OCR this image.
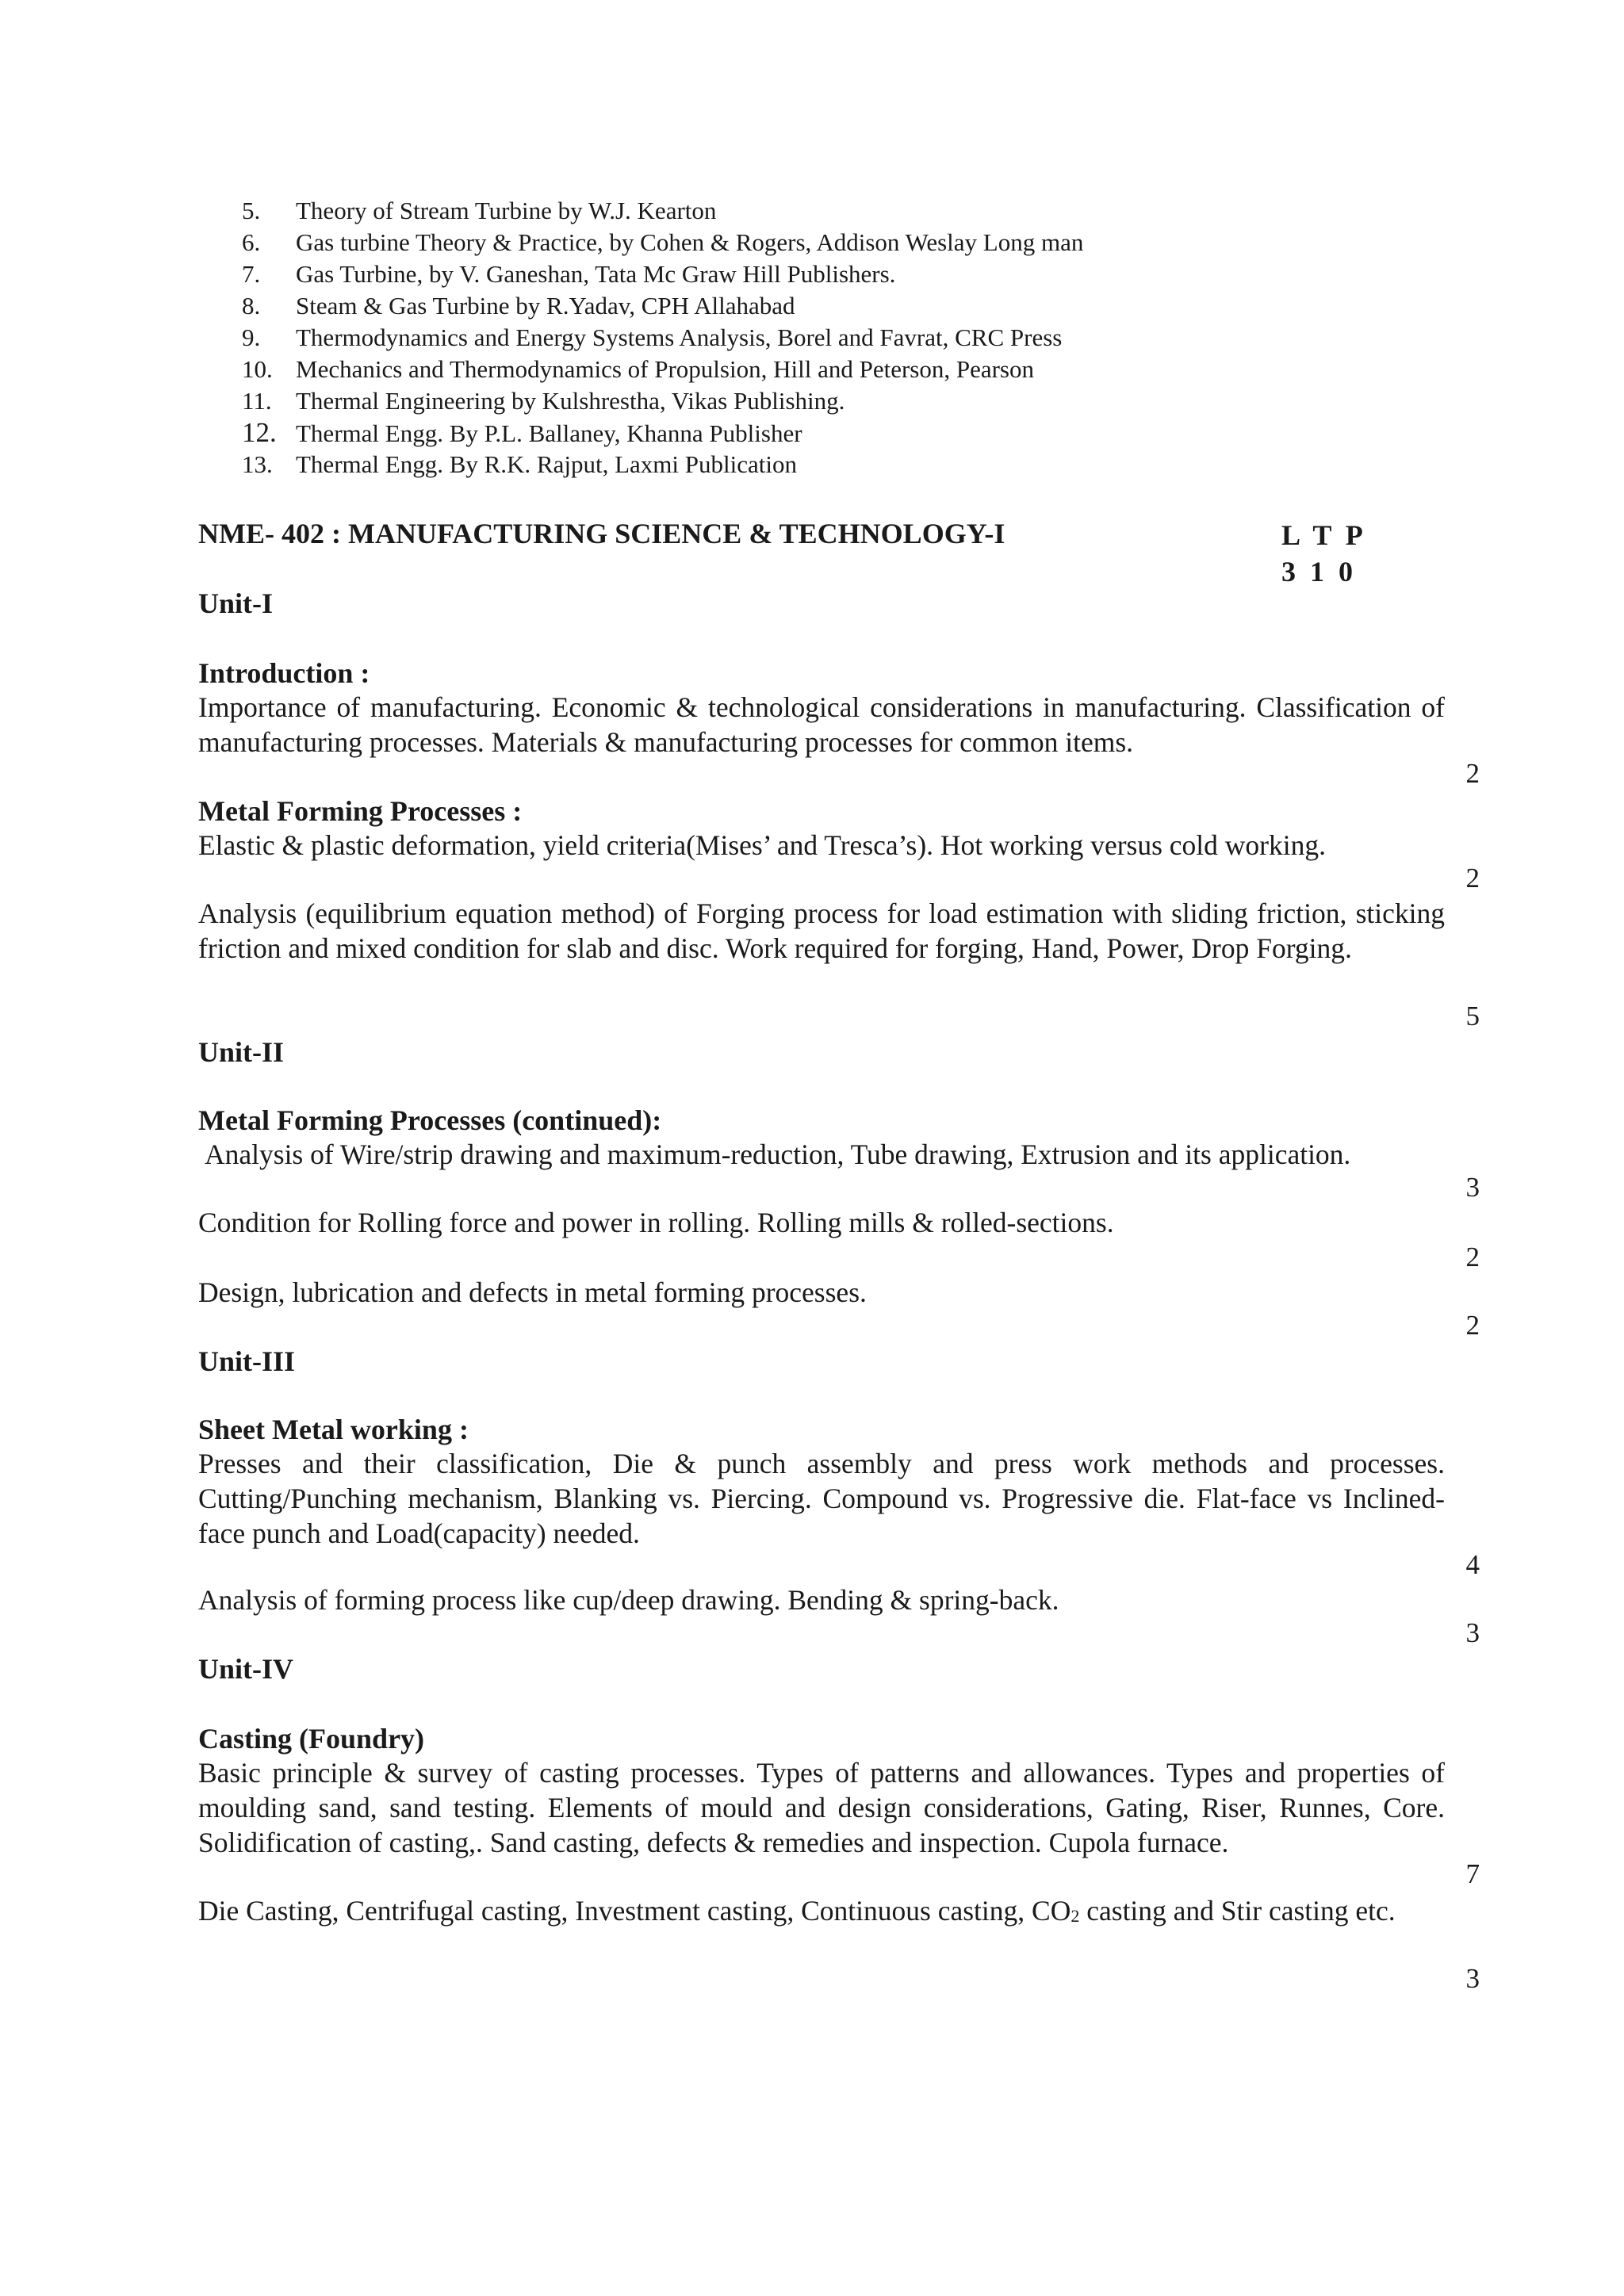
5. Theory of Stream Turbine by W.J. Kearton
6. Gas turbine Theory & Practice, by Cohen & Rogers, Addison Weslay Long man
7. Gas Turbine, by V. Ganeshan, Tata Mc Graw Hill Publishers.
8. Steam & Gas Turbine by R.Yadav, CPH Allahabad
9. Thermodynamics and Energy Systems Analysis, Borel and Favrat, CRC Press
10. Mechanics and Thermodynamics of Propulsion, Hill and Peterson, Pearson
11. Thermal Engineering by Kulshrestha, Vikas Publishing.
12. Thermal Engg. By P.L. Ballaney, Khanna Publisher
13. Thermal Engg. By R.K. Rajput, Laxmi Publication
NME- 402 : MANUFACTURING SCIENCE & TECHNOLOGY-I	L  T  P
3  1  0
Unit-I
Introduction :
Importance of manufacturing. Economic & technological considerations in manufacturing. Classification of manufacturing processes. Materials & manufacturing processes for common items.
2
Metal Forming Processes :
Elastic & plastic deformation, yield criteria(Mises’ and Tresca’s). Hot working versus cold working.
2
Analysis (equilibrium equation method) of Forging process for load estimation with sliding friction, sticking friction and mixed condition for slab and disc. Work required for forging, Hand, Power, Drop Forging.
5
Unit-II
Metal Forming Processes (continued):
Analysis of Wire/strip drawing and maximum-reduction, Tube drawing, Extrusion and its application.
3
Condition for Rolling force and power in rolling. Rolling mills & rolled-sections.
2
Design, lubrication and defects in metal forming processes.
2
Unit-III
Sheet Metal working :
Presses and their classification, Die & punch assembly and press work methods and processes. Cutting/Punching mechanism, Blanking vs. Piercing. Compound vs. Progressive die. Flat-face vs Inclined-face punch and Load(capacity) needed.
4
Analysis of forming process like cup/deep drawing. Bending & spring-back.
3
Unit-IV
Casting (Foundry)
Basic principle & survey of casting processes. Types of patterns and allowances. Types and properties of moulding sand, sand testing. Elements of mould and design considerations, Gating, Riser, Runnes, Core. Solidification of casting,. Sand casting, defects & remedies and inspection. Cupola furnace.
7
Die Casting, Centrifugal casting, Investment casting, Continuous casting, $CO_2$ casting and Stir casting etc.
3
